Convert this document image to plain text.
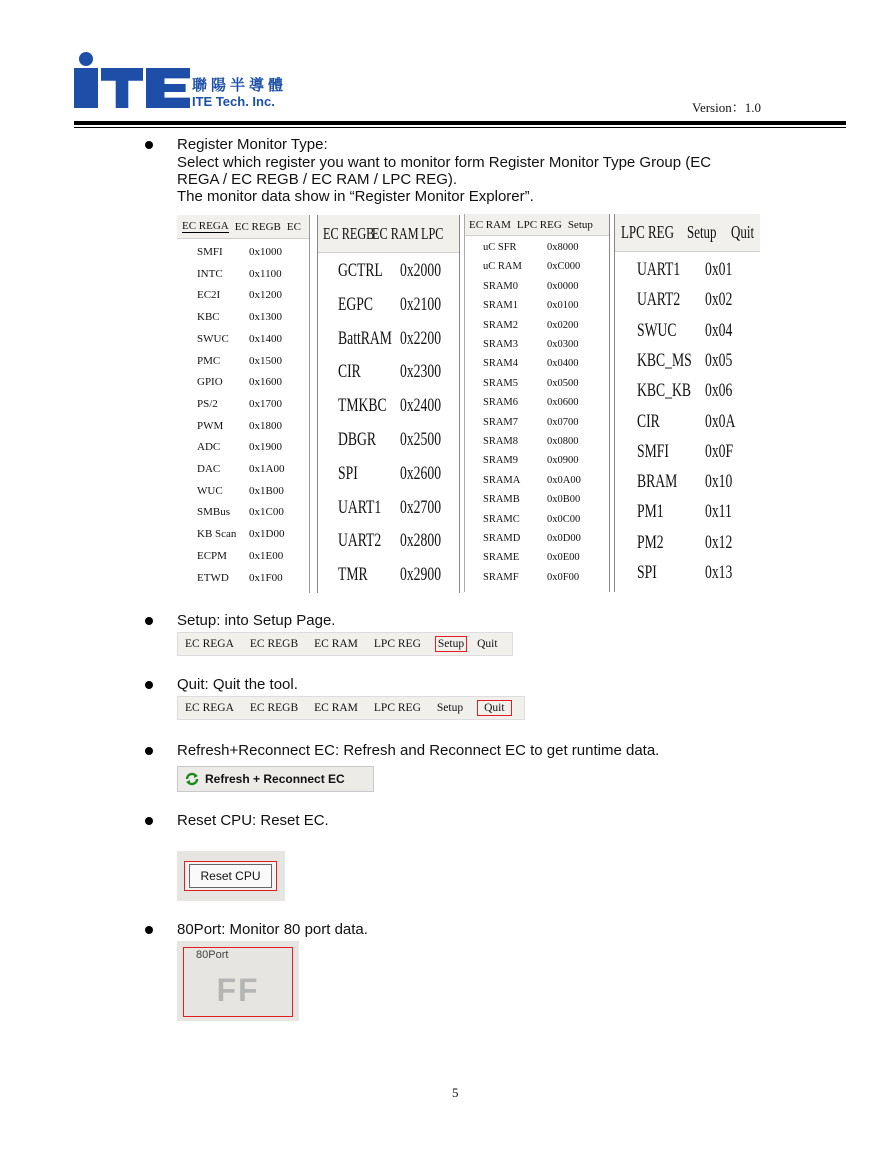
聯陽半導體
ITE Tech. Inc.	Version：1.0
Register Monitor Type:
Select which register you want to monitor form Register Monitor Type Group (EC
REGA / EC REGB / EC RAM / LPC REG).
The monitor data show in “Register Monitor Explorer”.
EC REGA EC REGB EC
SMFI	0x1000
INTC	0x1100
EC2I	0x1200
KBC	0x1300
SWUC	0x1400
PMC	0x1500
GPIO	0x1600
PS/2	0x1700
PWM	0x1800
ADC	0x1900
DAC	0x1A00
WUC	0x1B00
SMBus	0x1C00
KB Scan	0x1D00
ECPM	0x1E00
ETWD	0x1F00
EC REGB
EC RAM LPC
GCTRL 0x2000
EGPC	0x2100
BattRAM 0x2200
CIR	0x2300
TMKBC 0x2400
DBGR	0x2500
SPI	0x2600
UART1 0x2700
UART2 0x2800
TMR	0x2900
EC RAM LPC REG Setup
uC SFR	0x8000
uC RAM	0xC000
SRAM0	0x0000
SRAM1	0x0100
SRAM2	0x0200
SRAM3	0x0300
SRAM4	0x0400
SRAM5	0x0500
SRAM6	0x0600
SRAM7	0x0700
SRAM8	0x0800
SRAM9	0x0900
SRAMA	0x0A00
SRAMB	0x0B00
SRAMC	0x0C00
SRAMD	0x0D00
SRAME	0x0E00
SRAMF	0x0F00
LPC REG Setup Quit
UART1 0x01
UART2 0x02
SWUC	0x04
KBC_MS 0x05
KBC_KB 0x06
CIR	0x0A
SMFI	0x0F
BRAM	0x10
PM1	0x11
PM2	0x12
SPI	0x13
Setup: into Setup Page.
EC REGA EC REGB EC RAM LPC REG Setup Quit
Quit: Quit the tool.
EC REGA EC REGB EC RAM LPC REG Setup	Quit
Refresh+Reconnect EC: Refresh and Reconnect EC to get runtime data.
Refresh + Reconnect EC
Reset CPU: Reset EC.
Reset CPU
80Port: Monitor 80 port data.
80Port
FF
5
